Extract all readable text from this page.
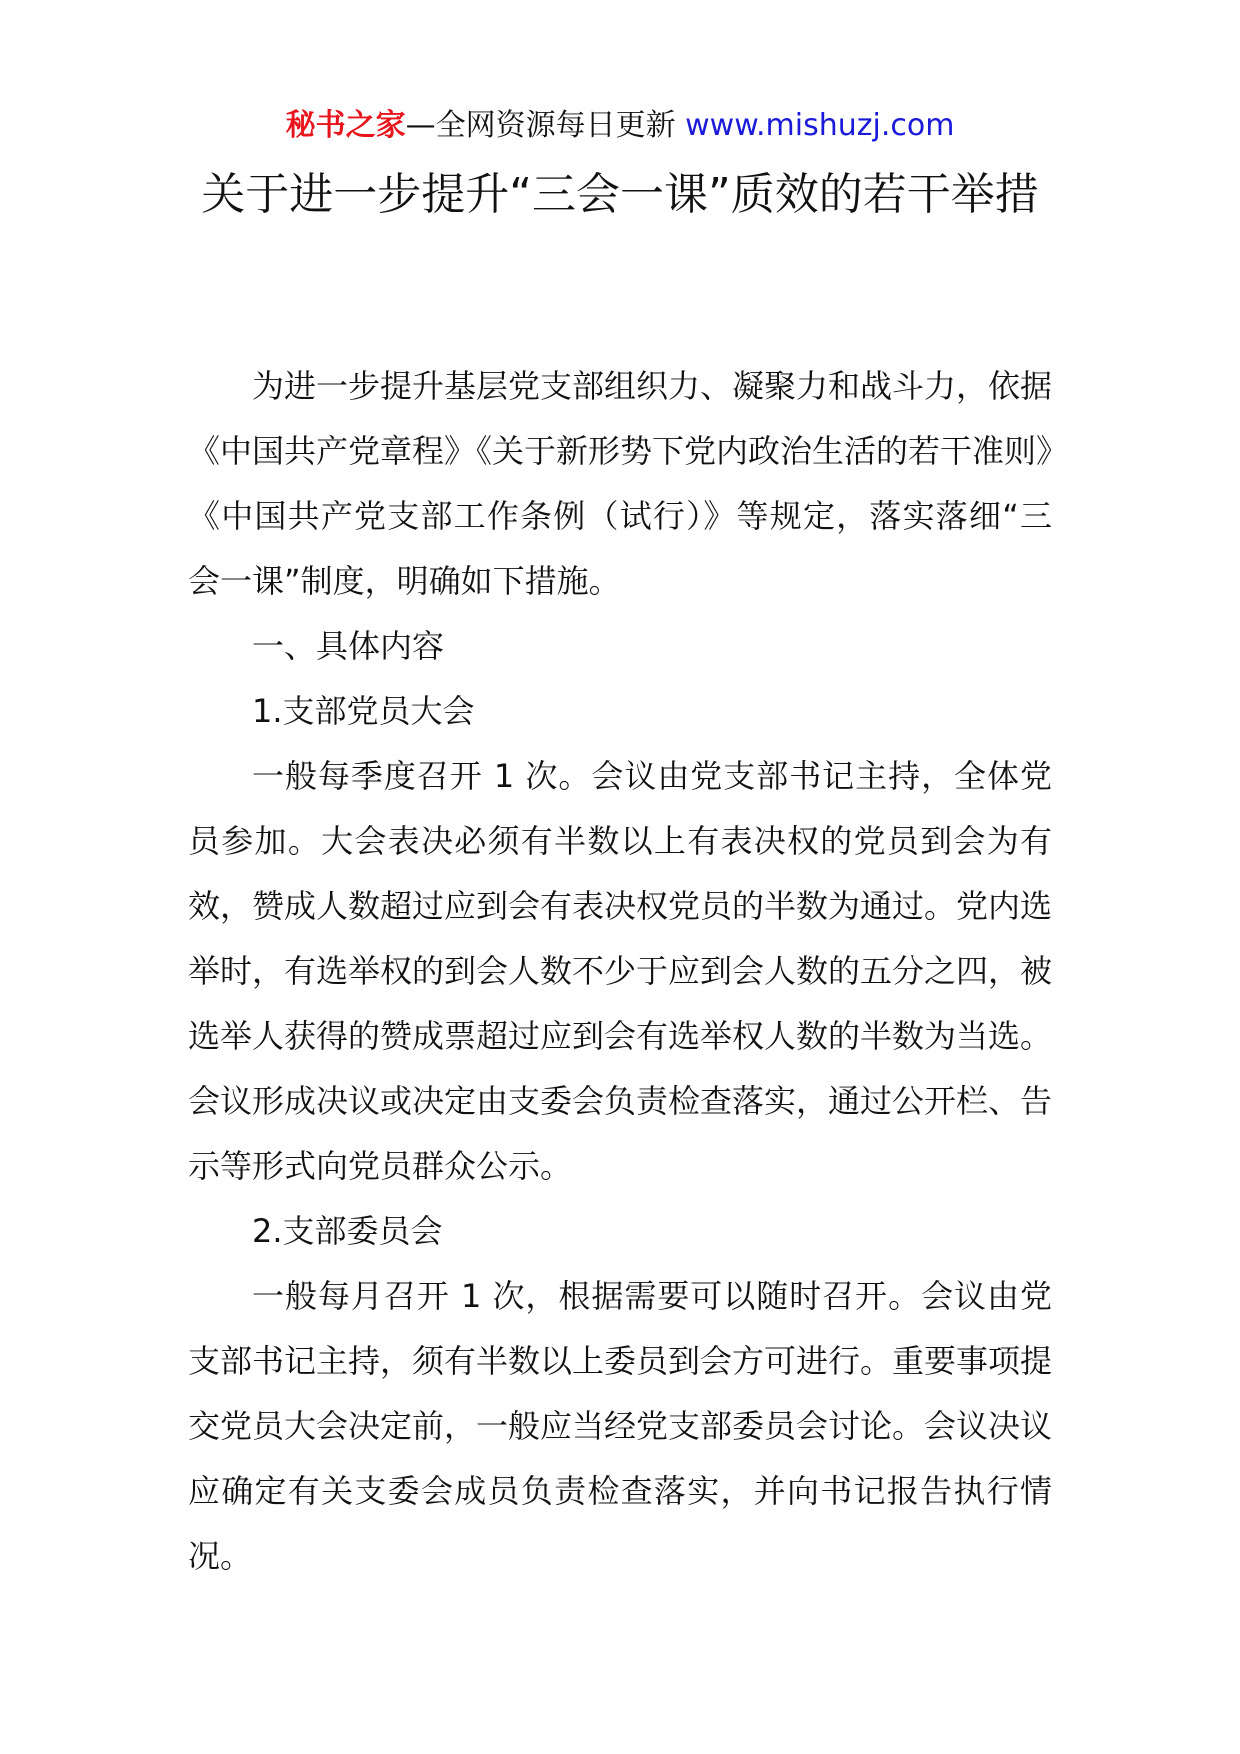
秘书之家—全网资源每日更新 www.mishuzj.com
关于进一步提升“三会一课”质效的若干举措

为进一步提升基层党支部组织力、凝聚力和战斗力，依据《中国共产党章程》《关于新形势下党内政治生活的若干准则》《中国共产党支部工作条例（试行）》等规定，落实落细“三会一课”制度，明确如下措施。

一、具体内容

1.支部党员大会

一般每季度召开 1 次。会议由党支部书记主持，全体党员参加。大会表决必须有半数以上有表决权的党员到会为有效，赞成人数超过应到会有表决权党员的半数为通过。党内选举时，有选举权的到会人数不少于应到会人数的五分之四，被选举人获得的赞成票超过应到会有选举权人数的半数为当选。会议形成决议或决定由支委会负责检查落实，通过公开栏、告示等形式向党员群众公示。

2.支部委员会

一般每月召开 1 次，根据需要可以随时召开。会议由党支部书记主持，须有半数以上委员到会方可进行。重要事项提交党员大会决定前，一般应当经党支部委员会讨论。会议决议应确定有关支委会成员负责检查落实，并向书记报告执行情况。
